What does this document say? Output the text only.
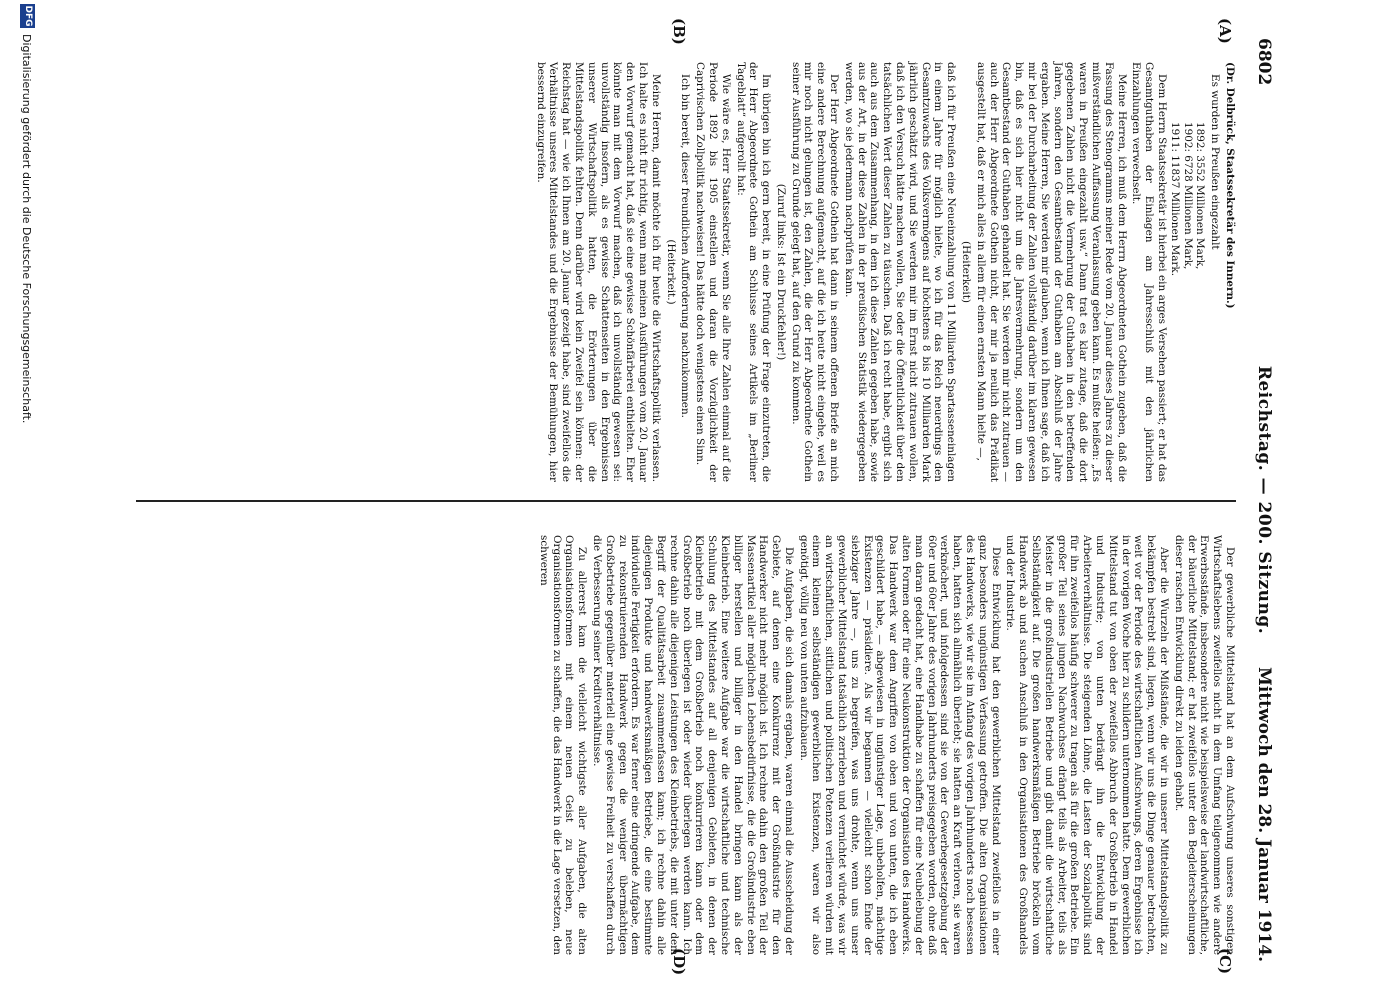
6802
Reichstag. — 200. Sitzung.
Mittwoch den 28. Januar 1914.
(A)
(B)
(C)
(D)

(Dr. Delbrück, Staatssekretär des Innern.)

Es wurden in Preußen eingezahlt

1892: 3552 Millionen Mark,

1902: 6728 Millionen Mark,

1911: 11837 Millionen Mark.

Dem Herrn Staatssekretär ist hierbei ein arges Versehen passiert; er hat das Gesamtguthaben der Einlagen am Jahresschluß mit den jährlichen Einzahlungen verwechselt.

Meine Herren, ich muß dem Herrn Abgeordneten Gothein zugeben, daß die Fassung des Stenogramms meiner Rede vom 20. Januar dieses Jahres zu dieser mißverständlichen Auffassung Veranlassung geben kann. Es mußte heißen: „Es waren in Preußen eingezahlt usw.“ Dann trat es klar zutage, daß die dort gegebenen Zahlen nicht die Vermehrung der Guthaben in den betreffenden Jahren, sondern den Gesamtbestand der Guthaben am Abschluß der Jahre ergaben. Meine Herren, Sie werden mir glauben, wenn ich Ihnen sage, daß ich mir bei der Durcharbeitung der Zahlen vollständig darüber im klaren gewesen bin, daß es sich hier nicht um die Jahresvermehrung, sondern um den Gesamtbestand der Guthaben gehandelt hat. Sie werden mir nicht zutrauen — auch der Herr Abgeordnete Gothein nicht, der mir ja neulich das Prädikat ausgestellt hat, daß er mich alles in allem für einen ernsten Mann hielte —,

(Heiterkeit)

daß ich für Preußen eine Neueinzahlung von 11 Milliarden Spartasseneinlagen in einem Jahre für möglich hielte, wo ich für das Reich neuerdings den Gesamtzuwachs des Volksvermögens auf höchstens 8 bis 10 Milliarden Mark jährlich geschätzt wird, und Sie werden mir im Ernst nicht zutrauen wollen, daß ich den Versuch hätte machen wollen, Sie oder die Öffentlichkeit über den tatsächlichen Wert dieser Zahlen zu täuschen. Daß ich recht habe, ergibt sich auch aus dem Zusammenhang, in dem ich diese Zahlen gegeben habe, sowie aus der Art, in der diese Zahlen in der preußischen Statistik wiedergegeben werden, wo sie jedermann nachprüfen kann.

Der Herr Abgeordnete Gothein hat dann in seinem offenen Briefe an mich eine andere Berechnung aufgemacht, auf die ich heute nicht eingehe, weil es mir noch nicht gelungen ist, den Zahlen, die der Herr Abgeordnete Gothein seiner Ausführung zu Grunde gelegt hat, auf den Grund zu kommen.

(Zuruf links: Ist ein Druckfehler!)

Im übrigen bin ich gern bereit, in eine Prüfung der Frage einzutreten, die der Herr Abgeordnete Gothein am Schlusse seines Artikels im „Berliner Tageblatt“ aufgerollt hat:

Wie wäre es, Herr Staatssekretär, wenn Sie alle Ihre Zahlen einmal auf die Periode 1892 bis 1905 einstellen und daran die Vorzüglichkeit der Caprivischen Zollpolitik nachweisen! Das hätte doch wenigstens einen Sinn.

Ich bin bereit, dieser freundlichen Aufforderung nachzukommen.

(Heiterkeit.)

Meine Herren, damit möchte ich für heute die Wirtschaftspolitik verlassen. Ich halte es nicht für richtig, wenn man meinen Ausführungen vom 20. Januar den Vorwurf gemacht hat, daß sie eine gewisse Schönfärberei enthielten. Eher könnte man mit dem Vorwurf machen, daß ich unvollständig gewesen sei: unvollständig insofern, als es gewisse Schattenseiten in den Ergebnissen unserer Wirtschaftspolitik hatten, die Erörterungen über die Mittelstandspolitik fehlten. Denn darüber wird kein Zweifel sein können: der Reichstag hat — wie ich Ihnen am 20. Januar gezeigt habe, sind zweifellos die Verhältnisse unseres Mittelstandes und die Ergebnisse der Bemühungen, hier bessernd einzugreifen.

Der gewerbliche Mittelstand hat an dem Aufschwung unseres sonstigen Wirtschaftslebens zweifellos nicht in dem Umfang teilgenommen wie andere Erwerbsstände, insbesondere nicht wie beispielsweise der landwirtschaftliche, der bäuerliche Mittelstand; er hat zweifellos unter den Begleiterscheinungen dieser raschen Entwicklung direkt zu leiden gehabt.

Aber die Wurzeln der Mißstände, die wir in unserer Mittelstandspolitik zu bekämpfen bestrebt sind, liegen, wenn wir uns die Dinge genauer betrachten, weit vor der Periode des wirtschaftlichen Aufschwungs, deren Ergebnisse ich in der vorigen Woche hier zu schildern unternommen hatte. Dem gewerblichen Mittelstand tut von oben der zweifellos Abbruch der Großbetrieb in Handel und Industrie; von unten bedrängt ihn die Entwicklung der Arbeiterverhältnisse. Die steigenden Löhne, die Lasten der Sozialpolitik sind für ihn zweifellos häufig schwerer zu tragen als für die großen Betriebe. Ein großer Teil seines jungen Nachwuchses drängt teils als Arbeiter, teils als Meister in die großindustriellen Betriebe und gibt damit die wirtschaftliche Selbständigkeit auf. Die großen handwerksmäßigen Betriebe bröckeln vom Handwerk ab und suchen Anschluß in den Organisationen des Großhandels und der Industrie.

Diese Entwicklung hat den gewerblichen Mittelstand zweifellos in einer ganz besonders ungünstigen Verfassung getroffen. Die alten Organisationen des Handwerks, wie wir sie im Anfang des vorigen Jahrhunderts noch besessen haben, hatten sich allmählich überlebt; sie hatten an Kraft verloren, sie waren verknöchert, und infolgedessen sind sie von der Gewerbegesetzgebung der 60er und 60er Jahre des vorigen Jahrhunderts preisgegeben worden, ohne daß man daran gedacht hat, eine Handhabe zu schaffen für eine Neubelebung der alten Formen oder für eine Neukonstruktion der Organisation des Handwerks. Das Handwerk war dem Angriffen von oben und von unten, die ich eben geschildert habe, — abgewiesen in ungünstiger Lage, unbeholfen, mächtige Existenzen — präsidiere. Als wir begannen — vielleicht schon Ende der siebziger Jahre —, uns zu begreifen, was uns drohte, wenn uns unser gewerblicher Mittelstand tatsächlich zerrieben und vernichtet würde, was wir an wirtschaftlichen, sittlichen und politischen Potenzen verlieren würden mit einem kleinen selbständigen gewerblichen Existenzen, waren wir also genötigt, völlig neu von unten aufzubauen.

Die Aufgaben, die sich damals ergaben, waren einmal die Ausscheidung der Gebiete, auf denen eine Konkurrenz mit der Großindustrie für den Handwerker nicht mehr möglich ist. Ich rechne dahin den großen Teil der Massenartikel aller möglichen Lebensbedürfnisse, die die Großindustrie eben billiger herstellen und billiger in den Handel bringen kann als der Kleinbetrieb. Eine weitere Aufgabe war die wirtschaftliche und technische Schulung des Mittelstandes auf all denjenigen Gebieten, in denen der Kleinbetrieb mit dem Großbetrieb noch konkurrieren kann oder dem Großbetrieb noch überlegen ist oder wieder überlegen werden kann. Ich rechne dahin alle diejenigen Leistungen des Kleinbetriebs, die mit unter dem Begriff der Qualitätsarbeit zusammenfassen kann; ich rechne dahin alle diejenigen Produkte und handwerksmäßigen Betriebe, die eine bestimmte individuelle Fertigkeit erfordern. Es war ferner eine dringende Aufgabe, dem zu rekonstruierenden Handwerk gegen die weniger übermächtigen Großbetriebe gegenüber materiell eine gewisse Freiheit zu verschaffen durch die Verbesserung seiner Kreditverhältnisse.

Zu allererst kam die vielleicht wichtigste aller Aufgaben, die alten Organisationsformen mit einem neuen Geist zu beleben, neue Organisationsformen zu schaffen, die das Handwerk in die Lage versetzen, den schweren

DFG
Digitalisierung gefördert durch die Deutsche Forschungsgemeinschaft.
